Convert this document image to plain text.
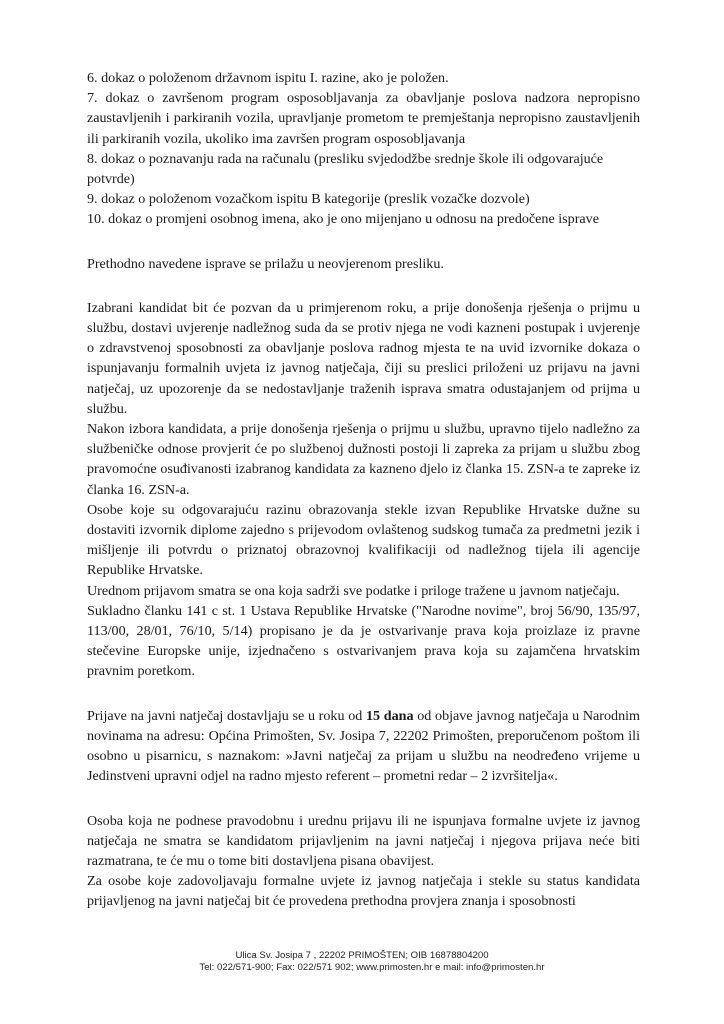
6. dokaz o položenom državnom ispitu I. razine, ako je položen.

7. dokaz o završenom program osposobljavanja za obavljanje poslova nadzora nepropisno zaustavljenih i parkiranih vozila, upravljanje prometom te premještanja nepropisno zaustavljenih ili parkiranih vozila, ukoliko ima završen program osposobljavanja

8. dokaz o poznavanju rada na računalu (presliku svjedodžbe srednje škole ili odgovarajuće potvrde)

9. dokaz o položenom vozačkom ispitu B kategorije (preslik vozačke dozvole)

10. dokaz o promjeni osobnog imena, ako je ono mijenjano u odnosu na predočene isprave

Prethodno navedene isprave se prilažu u neovjerenom presliku.

Izabrani kandidat bit će pozvan da u primjerenom roku, a prije donošenja rješenja o prijmu u službu, dostavi uvjerenje nadležnog suda da se protiv njega ne vodi kazneni postupak i uvjerenje o zdravstvenoj sposobnosti za obavljanje poslova radnog mjesta te na uvid izvornike dokaza o ispunjavanju formalnih uvjeta iz javnog natječaja, čiji su preslici priloženi uz prijavu na javni natječaj, uz upozorenje da se nedostavljanje traženih isprava smatra odustajanjem od prijma u službu.

Nakon izbora kandidata, a prije donošenja rješenja o prijmu u službu, upravno tijelo nadležno za službeničke odnose provjerit će po službenoj dužnosti postoji li zapreka za prijam u službu zbog pravomoćne osuđivanosti izabranog kandidata za kazneno djelo iz članka 15. ZSN-a te zapreke iz članka 16. ZSN-a.

Osobe koje su odgovarajuću razinu obrazovanja stekle izvan Republike Hrvatske dužne su dostaviti izvornik diplome zajedno s prijevodom ovlaštenog sudskog tumača za predmetni jezik i mišljenje ili potvrdu o priznatoj obrazovnoj kvalifikaciji od nadležnog tijela ili agencije Republike Hrvatske.

Urednom prijavom smatra se ona koja sadrži sve podatke i priloge tražene u javnom natječaju.

Sukladno članku 141 c st. 1 Ustava Republike Hrvatske ("Narodne novime", broj 56/90, 135/97, 113/00, 28/01, 76/10, 5/14) propisano je da je ostvarivanje prava koja proizlaze iz pravne stečevine Europske unije, izjednačeno s ostvarivanjem prava koja su zajamčena hrvatskim pravnim poretkom.

Prijave na javni natječaj dostavljaju se u roku od 15 dana od objave javnog natječaja u Narodnim novinama na adresu: Općina Primošten, Sv. Josipa 7, 22202 Primošten, preporučenom poštom ili osobno u pisarnicu, s naznakom: »Javni natječaj za prijam u službu na neodređeno vrijeme u Jedinstveni upravni odjel na radno mjesto referent – prometni redar – 2 izvršitelja«.

Osoba koja ne podnese pravodobnu i urednu prijavu ili ne ispunjava formalne uvjete iz javnog natječaja ne smatra se kandidatom prijavljenim na javni natječaj i njegova prijava neće biti razmatrana, te će mu o tome biti dostavljena pisana obavijest.

Za osobe koje zadovoljavaju formalne uvjete iz javnog natječaja i stekle su status kandidata prijavljenog na javni natječaj bit će provedena prethodna provjera znanja i sposobnosti

Ulica Sv. Josipa 7 , 22202 PRIMOŠTEN; OIB 16878804200
Tel: 022/571-900; Fax: 022/571 902; www.primosten.hr e mail: info@primosten.hr
